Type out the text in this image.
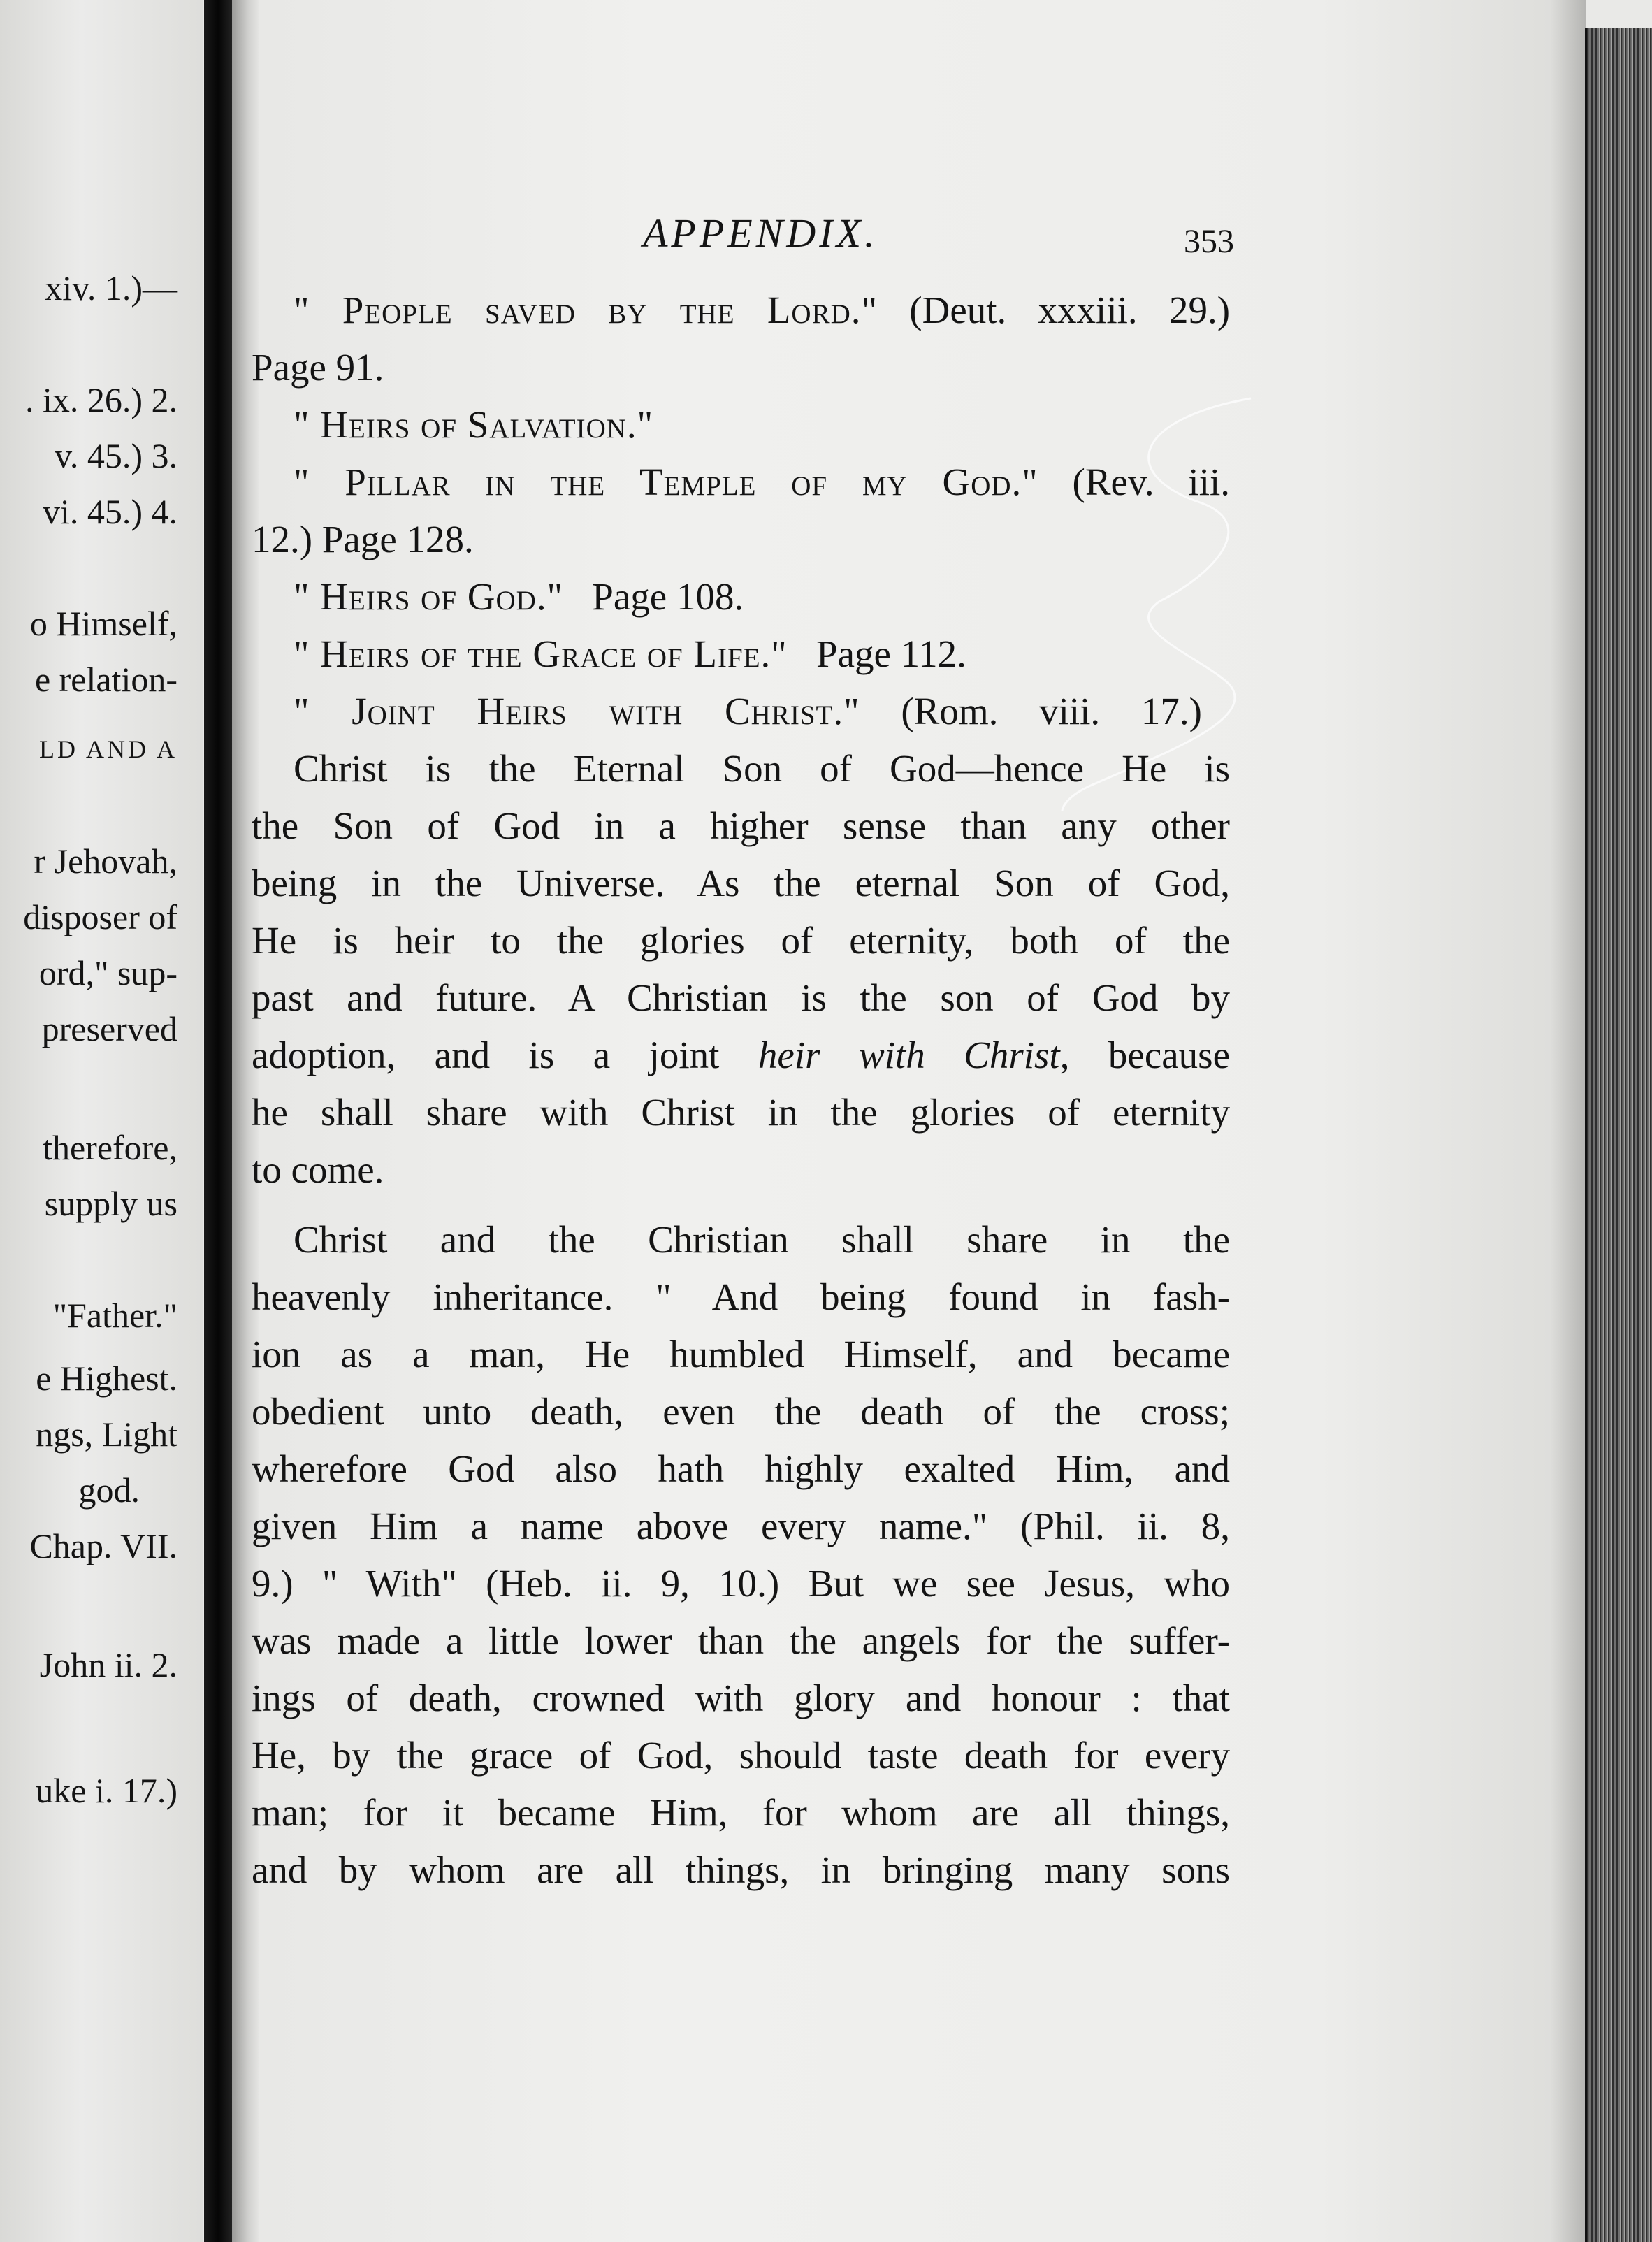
xiv. 1.)—
. ix. 26.) 2.
v. 45.) 3.
vi. 45.) 4.
o Himself,
e relation-
LD AND A
r Jehovah,
disposer of
ord," sup-
preserved
therefore,
supply us
"Father."
e Highest.
ngs, Light
god.
Chap. VII.
John ii. 2.
uke i. 17.)
APPENDIX.	353
" People saved by the Lord." (Deut. xxxiii. 29.)
Page 91.
" Heirs of Salvation."
" Pillar in the Temple of my God." (Rev. iii.
12.) Page 128.
" Heirs of God." Page 108.
" Heirs of the Grace of Life." Page 112.
" Joint Heirs with Christ." (Rom. viii. 17.)
Christ is the Eternal Son of God—hence He is
the Son of God in a higher sense than any other
being in the Universe. As the eternal Son of God,
He is heir to the glories of eternity, both of the
past and future. A Christian is the son of God by
adoption, and is a joint heir with Christ, because
he shall share with Christ in the glories of eternity
to come.
Christ and the Christian shall share in the
heavenly inheritance. " And being found in fash-
ion as a man, He humbled Himself, and became
obedient unto death, even the death of the cross;
wherefore God also hath highly exalted Him, and
given Him a name above every name." (Phil. ii. 8,
9.) " With" (Heb. ii. 9, 10.) But we see Jesus, who
was made a little lower than the angels for the suffer-
ings of death, crowned with glory and honour : that
He, by the grace of God, should taste death for every
man; for it became Him, for whom are all things,
and by whom are all things, in bringing many sons
